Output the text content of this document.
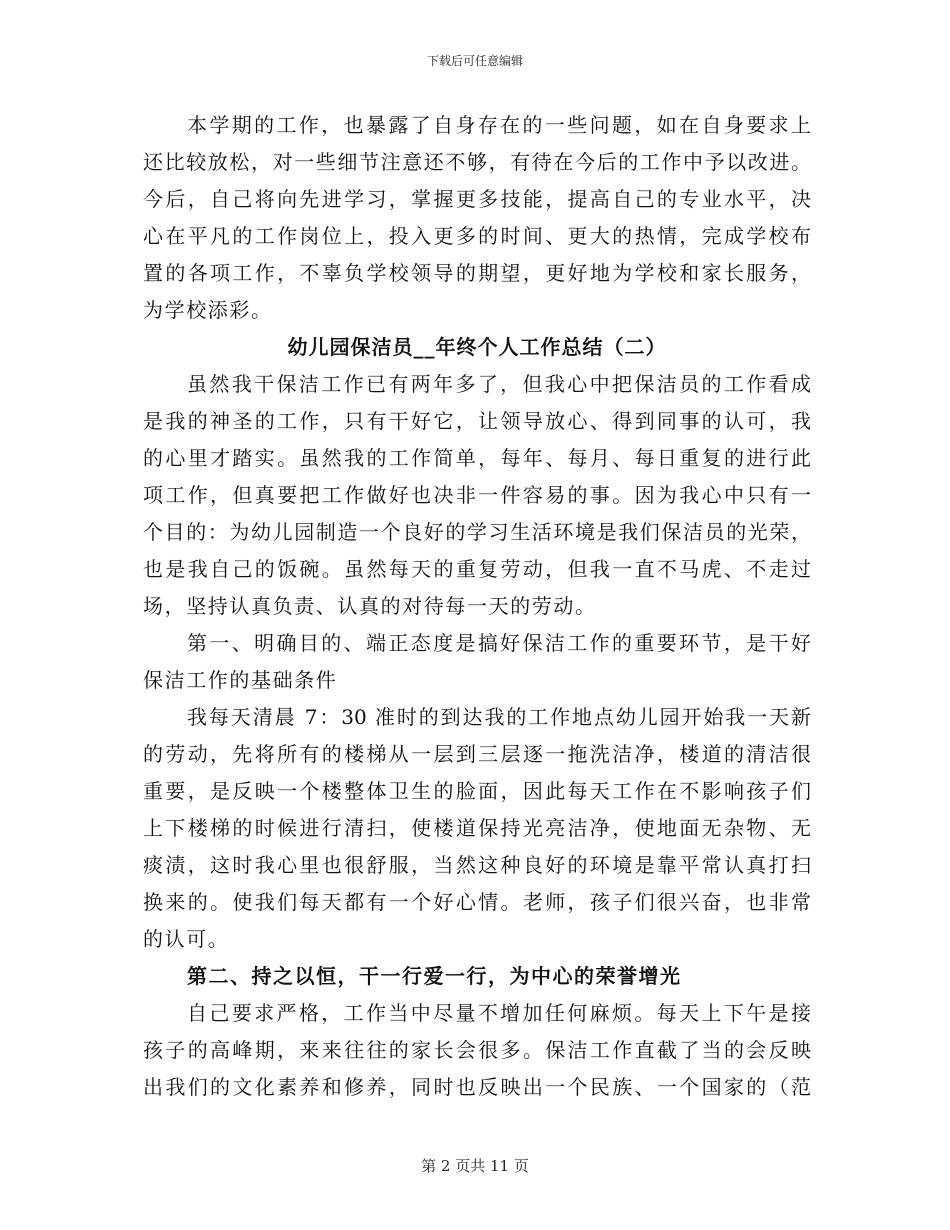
下载后可任意编辑
本学期的工作，也暴露了自身存在的一些问题，如在自身要求上
还比较放松，对一些细节注意还不够，有待在今后的工作中予以改进。
今后，自己将向先进学习，掌握更多技能，提高自己的专业水平，决
心在平凡的工作岗位上，投入更多的时间、更大的热情，完成学校布
置的各项工作，不辜负学校领导的期望，更好地为学校和家长服务，
为学校添彩。
幼儿园保洁员__年终个人工作总结（二）
虽然我干保洁工作已有两年多了，但我心中把保洁员的工作看成
是我的神圣的工作，只有干好它，让领导放心、得到同事的认可，我
的心里才踏实。虽然我的工作简单，每年、每月、每日重复的进行此
项工作，但真要把工作做好也决非一件容易的事。因为我心中只有一
个目的：为幼儿园制造一个良好的学习生活环境是我们保洁员的光荣，
也是我自己的饭碗。虽然每天的重复劳动，但我一直不马虎、不走过
场，坚持认真负责、认真的对待每一天的劳动。
第一、明确目的、端正态度是搞好保洁工作的重要环节，是干好
保洁工作的基础条件
我每天清晨 7：30 准时的到达我的工作地点幼儿园开始我一天新
的劳动，先将所有的楼梯从一层到三层逐一拖洗洁净，楼道的清洁很
重要，是反映一个楼整体卫生的脸面，因此每天工作在不影响孩子们
上下楼梯的时候进行清扫，使楼道保持光亮洁净，使地面无杂物、无
痰渍，这时我心里也很舒服，当然这种良好的环境是靠平常认真打扫
换来的。使我们每天都有一个好心情。老师，孩子们很兴奋，也非常
的认可。
第二、持之以恒，干一行爱一行，为中心的荣誉增光
自己要求严格，工作当中尽量不增加任何麻烦。每天上下午是接
孩子的高峰期，来来往往的家长会很多。保洁工作直截了当的会反映
出我们的文化素养和修养，同时也反映出一个民族、一个国家的（范
第 2 页共 11 页
